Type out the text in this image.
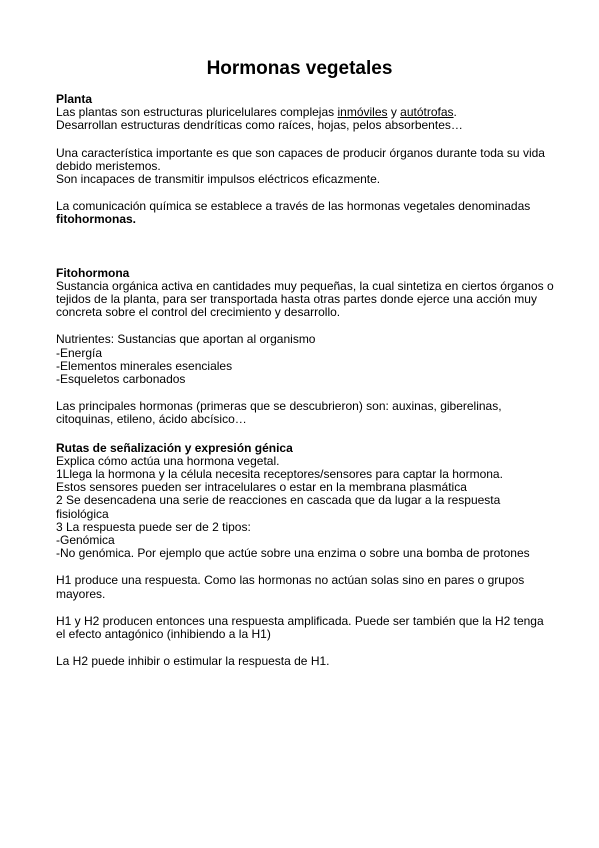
Hormonas vegetales
Planta

Las plantas son estructuras pluricelulares complejas inmóviles y autótrofas.

Desarrollan estructuras dendríticas como raíces, hojas, pelos absorbentes…

Una característica importante es que son capaces de producir órganos durante toda su vida debido meristemos.

Son incapaces de transmitir impulsos eléctricos eficazmente.

La comunicación química se establece a través de las hormonas vegetales denominadas

fitohormonas.

Fitohormona

Sustancia orgánica activa en cantidades muy pequeñas, la cual sintetiza en ciertos órganos o tejidos de la planta, para ser transportada hasta otras partes donde ejerce una acción muy concreta sobre el control del crecimiento y desarrollo.

Nutrientes: Sustancias que aportan al organismo

-Energía

-Elementos minerales esenciales

-Esqueletos carbonados

Las principales hormonas (primeras que se descubrieron) son: auxinas, giberelinas, citoquinas, etileno, ácido abcísico…

Rutas de señalización y expresión génica

Explica cómo actúa una hormona vegetal.

1Llega la hormona y la célula necesita receptores/sensores para captar la hormona.

Estos sensores pueden ser intracelulares o estar en la membrana plasmática

2 Se desencadena una serie de reacciones en cascada que da lugar a la respuesta fisiológica

3 La respuesta puede ser de 2 tipos:

-Genómica

-No genómica. Por ejemplo que actúe sobre una enzima o sobre una bomba de protones

H1 produce una respuesta. Como las hormonas no actúan solas sino en pares o grupos mayores.

H1 y H2 producen entonces una respuesta amplificada. Puede ser también que la H2 tenga el efecto antagónico (inhibiendo a la H1)

La H2 puede inhibir o estimular la respuesta de H1.
